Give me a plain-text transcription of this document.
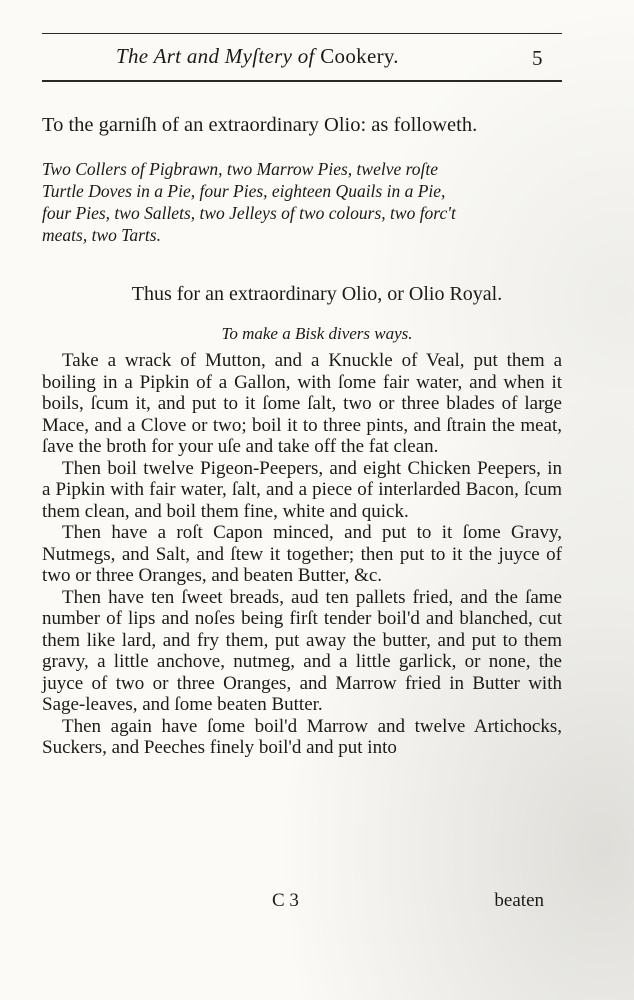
The Art and Myſtery of Cookery.	5
To the garniſh of an extraordinary Olio: as followeth.
Two Collers of Pigbrawn, two Marrow Pies, twelve roſte
Turtle Doves in a Pie, four Pies, eighteen Quails in a Pie,
four Pies, two Sallets, two Jelleys of two colours, two forc't
meats, two Tarts.
Thus for an extraordinary Olio, or Olio Royal.
To make a Bisk divers ways.

Take a wrack of Mutton, and a Knuckle of Veal, put them a boiling in a Pipkin of a Gallon, with ſome fair water, and when it boils, ſcum it, and put to it ſome ſalt, two or three blades of large Mace, and a Clove or two; boil it to three pints, and ſtrain the meat, ſave the broth for your uſe and take off the fat clean.

Then boil twelve Pigeon-Peepers, and eight Chicken Peepers, in a Pipkin with fair water, ſalt, and a piece of interlarded Bacon, ſcum them clean, and boil them fine, white and quick.

Then have a roſt Capon minced, and put to it ſome Gravy, Nutmegs, and Salt, and ſtew it together; then put to it the juyce of two or three Oranges, and beaten Butter, &c.

Then have ten ſweet breads, aud ten pallets fried, and the ſame number of lips and noſes being firſt tender boil'd and blanched, cut them like lard, and fry them, put away the butter, and put to them gravy, a little anchove, nutmeg, and a little garlick, or none, the juyce of two or three Oranges, and Marrow fried in Butter with Sage-leaves, and ſome beaten Butter.

Then again have ſome boil'd Marrow and twelve Artichocks, Suckers, and Peeches finely boil'd and put into

C 3	beaten
